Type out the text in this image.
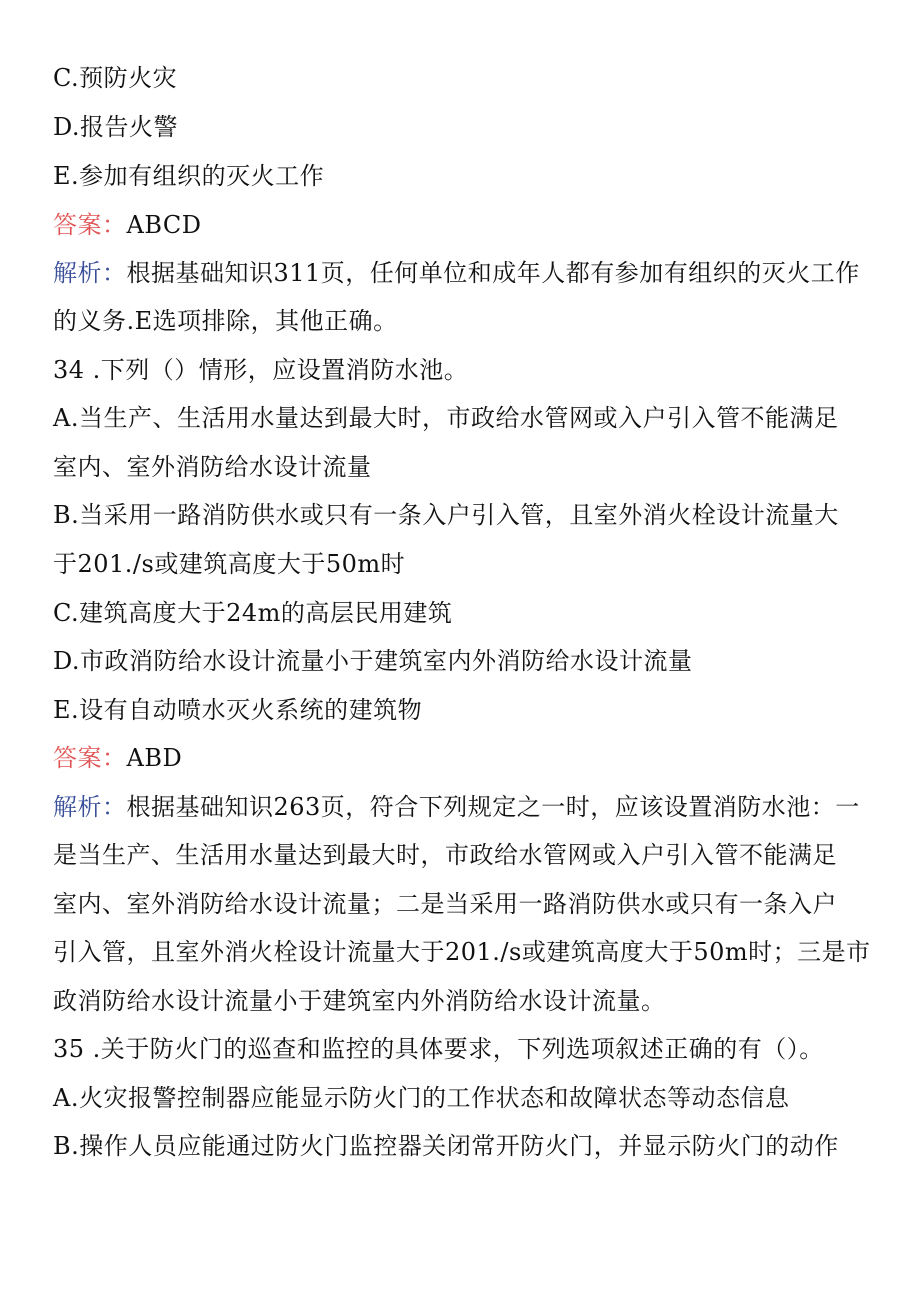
C.预防火灾
D.报告火警
E.参加有组织的灭火工作
答案：ABCD
解析：根据基础知识311页，任何单位和成年人都有参加有组织的灭火工作
的义务.E选项排除，其他正确。
34 .下列（）情形，应设置消防水池。
A.当生产、生活用水量达到最大时，市政给水管网或入户引入管不能满足
室内、室外消防给水设计流量
B.当采用一路消防供水或只有一条入户引入管，且室外消火栓设计流量大
于201./s或建筑高度大于50m时
C.建筑高度大于24m的高层民用建筑
D.市政消防给水设计流量小于建筑室内外消防给水设计流量
E.设有自动喷水灭火系统的建筑物
答案：ABD
解析：根据基础知识263页，符合下列规定之一时，应该设置消防水池：一
是当生产、生活用水量达到最大时，市政给水管网或入户引入管不能满足
室内、室外消防给水设计流量；二是当采用一路消防供水或只有一条入户
引入管，且室外消火栓设计流量大于201./s或建筑高度大于50m时；三是市
政消防给水设计流量小于建筑室内外消防给水设计流量。
35 .关于防火门的巡查和监控的具体要求，下列选项叙述正确的有（）。
A.火灾报警控制器应能显示防火门的工作状态和故障状态等动态信息
B.操作人员应能通过防火门监控器关闭常开防火门，并显示防火门的动作
